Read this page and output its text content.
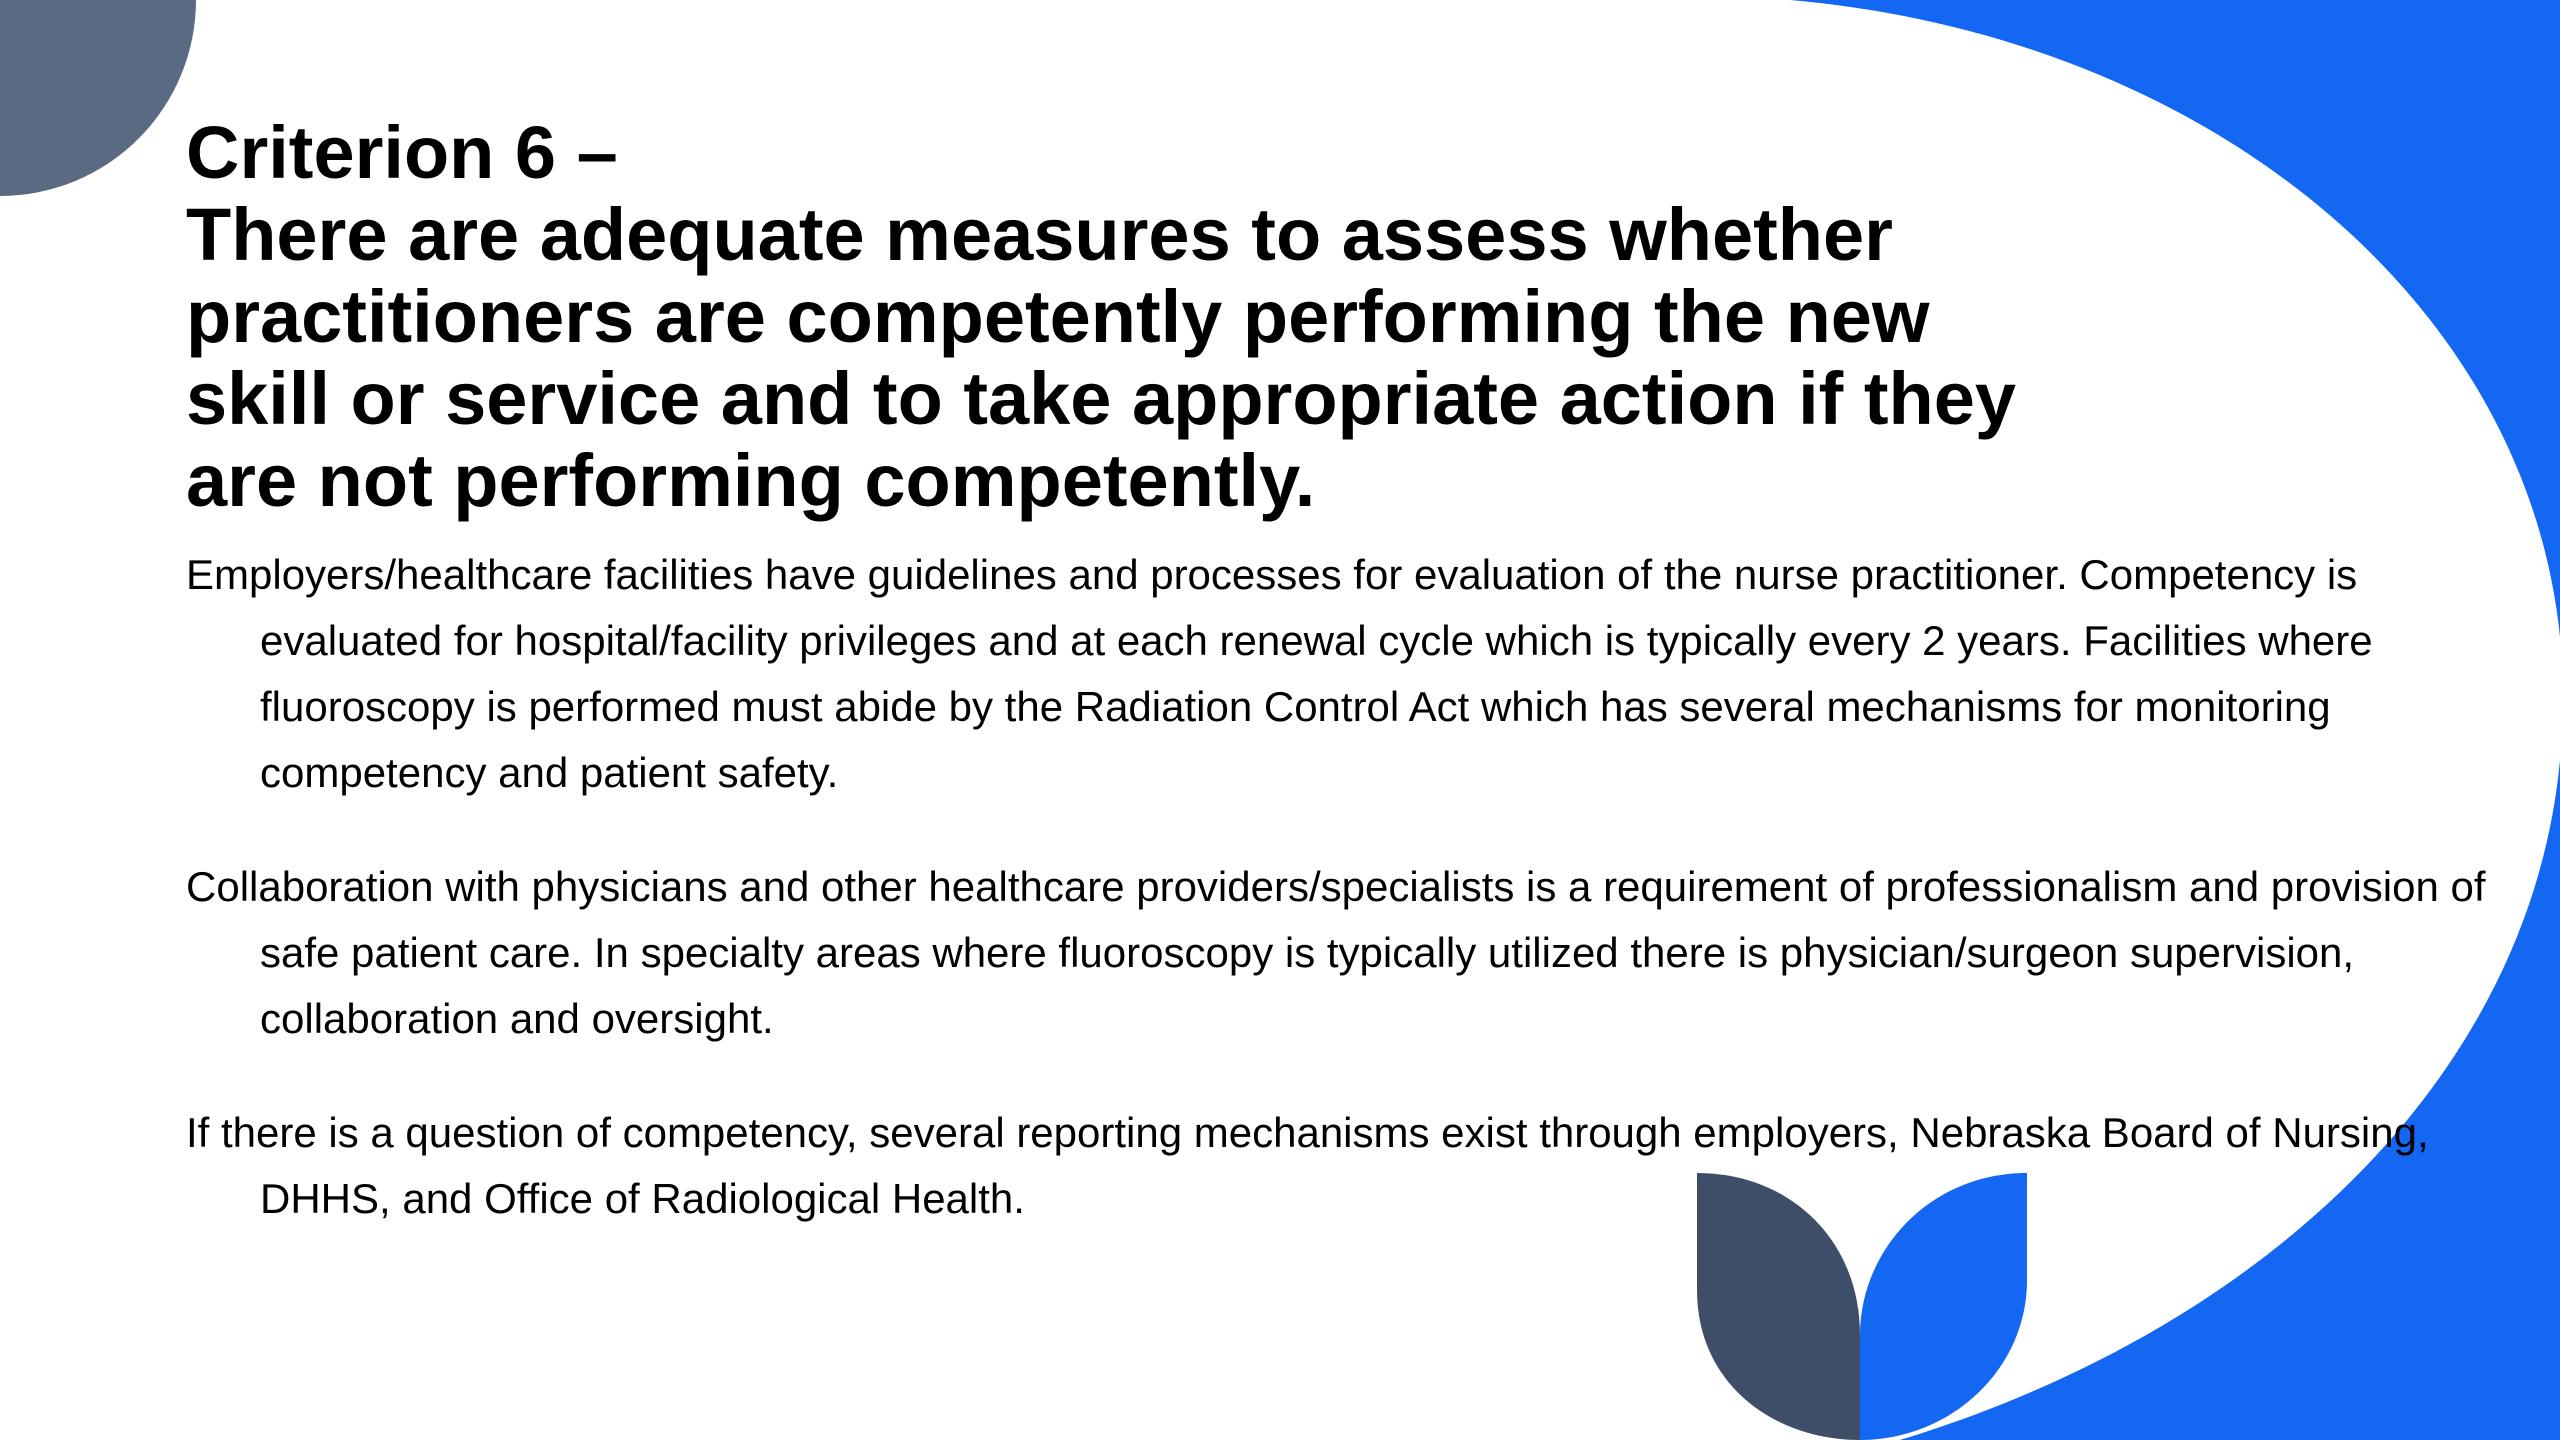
Criterion 6 –
There are adequate measures to assess whether
practitioners are competently performing the new
skill or service and to take appropriate action if they
are not performing competently.

Employers/healthcare facilities have guidelines and processes for evaluation of the nurse practitioner. Competency is evaluated for hospital/facility privileges and at each renewal cycle which is typically every 2 years. Facilities where fluoroscopy is performed must abide by the Radiation Control Act which has several mechanisms for monitoring competency and patient safety.

Collaboration with physicians and other healthcare providers/specialists is a requirement of professionalism and provision of safe patient care. In specialty areas where fluoroscopy is typically utilized there is physician/surgeon supervision, collaboration and oversight.

If there is a question of competency, several reporting mechanisms exist through employers, Nebraska Board of Nursing, DHHS, and Office of Radiological Health.
